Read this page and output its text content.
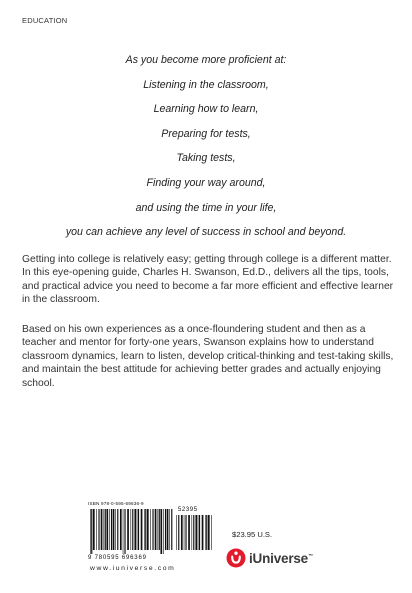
EDUCATION
As you become more proficient at:
Listening in the classroom,
Learning how to learn,
Preparing for tests,
Taking tests,
Finding your way around,
and using the time in your life,
you can achieve any level of success in school and beyond.
Getting into college is relatively easy; getting through college is a different matter. In this eye-opening guide, Charles H. Swanson, Ed.D., delivers all the tips, tools, and practical advice you need to become a far more efficient and effective learner in the classroom.
Based on his own experiences as a once-floundering student and then as a teacher and mentor for forty-one years, Swanson explains how to understand classroom dynamics, learn to listen, develop critical-thinking and test-taking skills, and maintain the best attitude for achieving better grades and actually enjoying school.
ISBN 978-0-595-69636-9
52395
9 780595 696369
www.iuniverse.com
$23.95 U.S.
iUniverse™
